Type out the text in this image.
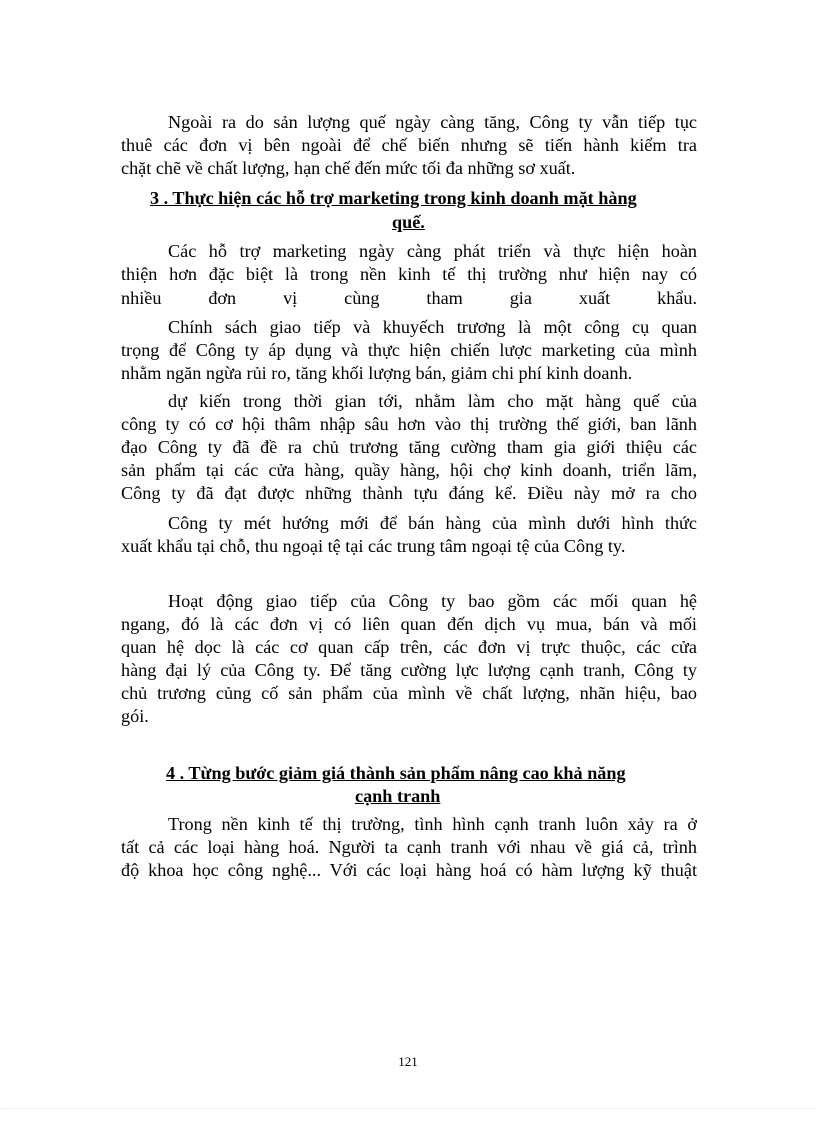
Ngoài ra do sản lượng quế ngày càng tăng, Công ty vẫn tiếp tục
thuê các đơn vị bên ngoài để chế biến nhưng sẽ tiến hành kiểm tra
chặt chẽ về chất lượng, hạn chế đến mức tối đa những sơ xuất.
3 . Thực hiện các hỗ trợ marketing trong kinh doanh mặt hàng
quế.
Các hỗ trợ marketing ngày càng phát triển và thực hiện hoàn
thiện hơn đặc biệt là trong nền kinh tế thị trường như hiện nay có
nhiều đơn vị cùng tham gia xuất khẩu.
Chính sách giao tiếp và khuyếch trương là một công cụ quan
trọng để Công ty áp dụng và thực hiện chiến lược marketing của mình
nhằm ngăn ngừa rủi ro, tăng khối lượng bán, giảm chi phí kinh doanh.
dự kiến trong thời gian tới, nhằm làm cho mặt hàng quế của
công ty có cơ hội thâm nhập sâu hơn vào thị trường thế giới, ban lãnh
đạo Công ty đã đề ra chủ trương tăng cường tham gia giới thiệu các
sản phẩm tại các cửa hàng, quầy hàng, hội chợ kinh doanh, triển lãm,
Công ty đã đạt được những thành tựu đáng kể. Điều này mở ra cho
Công ty mét hướng mới để bán hàng của mình dưới hình thức
xuất khẩu tại chỗ, thu ngoại tệ tại các trung tâm ngoại tệ của Công ty.
Hoạt động giao tiếp của Công ty bao gồm các mối quan hệ
ngang, đó là các đơn vị có liên quan đến dịch vụ mua, bán và mối
quan hệ dọc là các cơ quan cấp trên, các đơn vị trực thuộc, các cửa
hàng đại lý của Công ty. Để tăng cường lực lượng cạnh tranh, Công ty
chủ trương củng cố sản phẩm của mình về chất lượng, nhãn hiệu, bao
gói.
4 . Từng bước giảm giá thành sản phẩm nâng cao khả năng
cạnh tranh
Trong nền kinh tế thị trường, tình hình cạnh tranh luôn xảy ra ở
tất cả các loại hàng hoá. Người ta cạnh tranh với nhau về giá cả, trình
độ khoa học công nghệ... Với các loại hàng hoá có hàm lượng kỹ thuật
121
